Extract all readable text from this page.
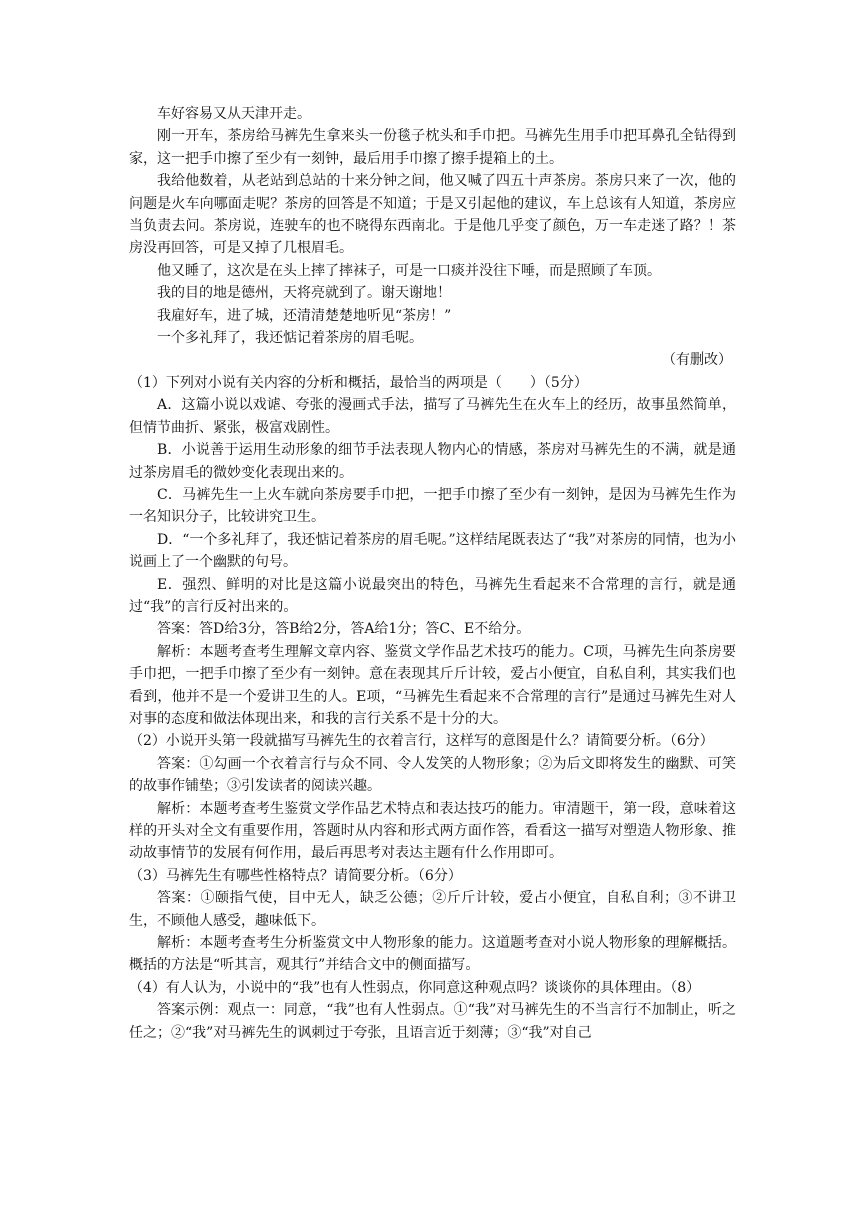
车好容易又从天津开走。

刚一开车，茶房给马裤先生拿来头一份毯子枕头和手巾把。马裤先生用手巾把耳鼻孔全钻得到家，这一把手巾擦了至少有一刻钟，最后用手巾擦了擦手提箱上的土。

我给他数着，从老站到总站的十来分钟之间，他又喊了四五十声茶房。茶房只来了一次，他的问题是火车向哪面走呢？茶房的回答是不知道；于是又引起他的建议，车上总该有人知道，茶房应当负责去问。茶房说，连驶车的也不晓得东西南北。于是他几乎变了颜色，万一车走迷了路？！茶房没再回答，可是又掉了几根眉毛。

他又睡了，这次是在头上摔了摔袜子，可是一口痰并没往下唾，而是照顾了车顶。

我的目的地是德州，天将亮就到了。谢天谢地！

我雇好车，进了城，还清清楚楚地听见“茶房！”

一个多礼拜了，我还惦记着茶房的眉毛呢。

（有删改）

（1）下列对小说有关内容的分析和概括，最恰当的两项是（　　）（5分）

A．这篇小说以戏谑、夸张的漫画式手法，描写了马裤先生在火车上的经历，故事虽然简单，但情节曲折、紧张，极富戏剧性。

B．小说善于运用生动形象的细节手法表现人物内心的情感，茶房对马裤先生的不满，就是通过茶房眉毛的微妙变化表现出来的。

C．马裤先生一上火车就向茶房要手巾把，一把手巾擦了至少有一刻钟，是因为马裤先生作为一名知识分子，比较讲究卫生。

D．“一个多礼拜了，我还惦记着茶房的眉毛呢。”这样结尾既表达了“我”对茶房的同情，也为小说画上了一个幽默的句号。

E．强烈、鲜明的对比是这篇小说最突出的特色，马裤先生看起来不合常理的言行，就是通过“我”的言行反衬出来的。

答案：答D给3分，答B给2分，答A给1分；答C、E不给分。

解析：本题考查考生理解文章内容、鉴赏文学作品艺术技巧的能力。C项，马裤先生向茶房要手巾把，一把手巾擦了至少有一刻钟。意在表现其斤斤计较，爱占小便宜，自私自利，其实我们也看到，他并不是一个爱讲卫生的人。E项，“马裤先生看起来不合常理的言行”是通过马裤先生对人对事的态度和做法体现出来，和我的言行关系不是十分的大。

（2）小说开头第一段就描写马裤先生的衣着言行，这样写的意图是什么？请简要分析。（6分）

答案：①勾画一个衣着言行与众不同、令人发笑的人物形象；②为后文即将发生的幽默、可笑的故事作铺垫；③引发读者的阅读兴趣。

解析：本题考查考生鉴赏文学作品艺术特点和表达技巧的能力。审清题干，第一段，意味着这样的开头对全文有重要作用，答题时从内容和形式两方面作答，看看这一描写对塑造人物形象、推动故事情节的发展有何作用，最后再思考对表达主题有什么作用即可。

（3）马裤先生有哪些性格特点？请简要分析。（6分）

答案：①颐指气使，目中无人，缺乏公德；②斤斤计较，爱占小便宜，自私自利；③不讲卫生，不顾他人感受，趣味低下。

解析：本题考查考生分析鉴赏文中人物形象的能力。这道题考查对小说人物形象的理解概括。概括的方法是“听其言，观其行”并结合文中的侧面描写。

（4）有人认为，小说中的“我”也有人性弱点，你同意这种观点吗？谈谈你的具体理由。（8）

答案示例：观点一：同意，“我”也有人性弱点。①“我”对马裤先生的不当言行不加制止，听之任之；②“我”对马裤先生的讽刺过于夸张，且语言近于刻薄；③“我”对自己
